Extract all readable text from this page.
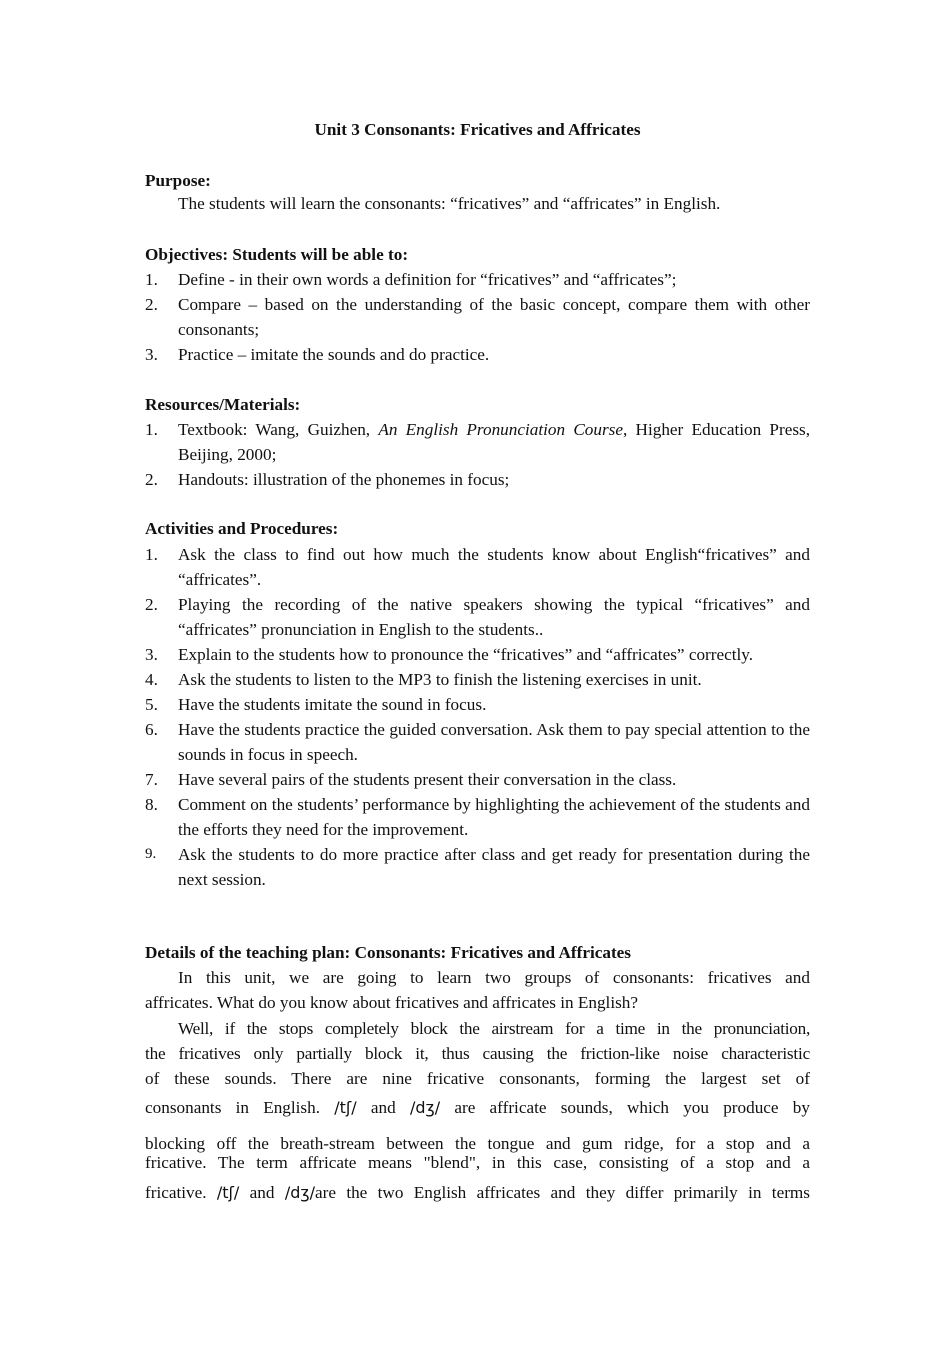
Unit 3 Consonants: Fricatives and Affricates
Purpose:
The students will learn the consonants: “fricatives” and “affricates” in English.
Objectives: Students will be able to:
1.	Define - in their own words a definition for “fricatives” and “affricates”;
2.	Compare – based on the understanding of the basic concept, compare them with other consonants;
3.	Practice – imitate the sounds and do practice.
Resources/Materials:
1.	Textbook: Wang, Guizhen, An English Pronunciation Course, Higher Education Press, Beijing, 2000;
2.	Handouts: illustration of the phonemes in focus;
Activities and Procedures:
1.	Ask the class to find out how much the students know about English“fricatives” and “affricates”.
2.	Playing the recording of the native speakers showing the typical “fricatives” and “affricates” pronunciation in English to the students..
3.	Explain to the students how to pronounce the “fricatives” and “affricates” correctly.
4.	Ask the students to listen to the MP3 to finish the listening exercises in unit.
5.	Have the students imitate the sound in focus.
6.	Have the students practice the guided conversation. Ask them to pay special attention to the sounds in focus in speech.
7.	Have several pairs of the students present their conversation in the class.
8.	Comment on the students’ performance by highlighting the achievement of the students and the efforts they need for the improvement.
9.	Ask the students to do more practice after class and get ready for presentation during the next session.
Details of the teaching plan: Consonants: Fricatives and Affricates
In this unit, we are going to learn two groups of consonants: fricatives and
affricates. What do you know about fricatives and affricates in English?
Well, if the stops completely block the airstream for a time in the pronunciation,
the fricatives only partially block it, thus causing the friction-like noise characteristic
of these sounds. There are nine fricative consonants, forming the largest set of
consonants in English. /tʃ/ and /dʒ/ are affricate sounds, which you produce by
blocking off the breath-stream between the tongue and gum ridge, for a stop and a
fricative. The term affricate means "blend", in this case, consisting of a stop and a
fricative. /tʃ/ and /dʒ/are the two English affricates and they differ primarily in terms
